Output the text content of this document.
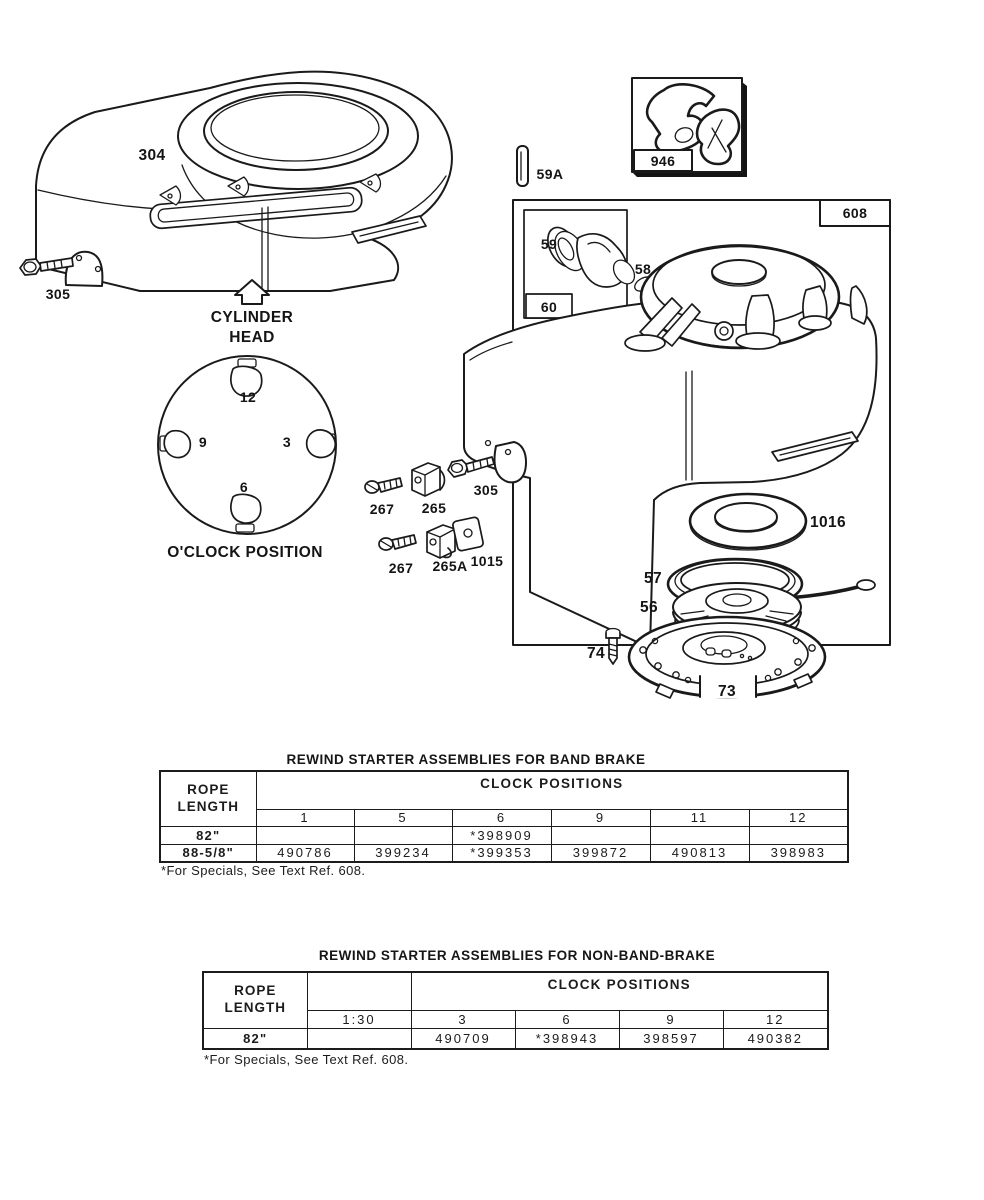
304
305
CYLINDER
HEAD
12
9	3
6
O'CLOCK POSITION
59A
946
608
59
60
58
305
267 265
267 265A 1015
1016
57
56
74
73
REWIND STARTER ASSEMBLIES FOR BAND BRAKE
ROPE
LENGTH	CLOCK POSITIONS					
	1	5	6	9	11	12
82"			*398909			
88-5/8"	490786	399234	*399353	399872	490813	398983
*For Specials, See Text Ref. 608.
REWIND STARTER ASSEMBLIES FOR NON-BAND-BRAKE
ROPE
LENGTH		CLOCK POSITIONS			
	1:30	3	6	9	12
82"		490709	*398943	398597	490382
*For Specials, See Text Ref. 608.
